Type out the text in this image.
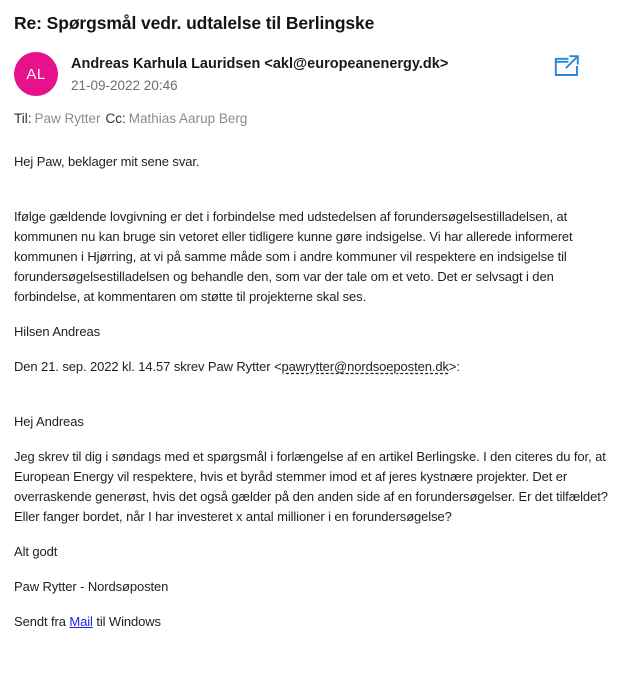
Re: Spørgsmål vedr. udtalelse til Berlingske
AL
Andreas Karhula Lauridsen <akl@europeanenergy.dk>
21-09-2022 20:46
Til: Paw Rytter Cc: Mathias Aarup Berg

Hej Paw, beklager mit sene svar.

Ifølge gældende lovgivning er det i forbindelse med udstedelsen af forundersøgelsestilladelsen, at kommunen nu kan bruge sin vetoret eller tidligere kunne gøre indsigelse. Vi har allerede informeret kommunen i Hjørring, at vi på samme måde som i andre kommuner vil respektere en indsigelse til forundersøgelsestilladelsen og behandle den, som var der tale om et veto. Det er selvsagt i den forbindelse, at kommentaren om støtte til projekterne skal ses.

Hilsen Andreas

Den 21. sep. 2022 kl. 14.57 skrev Paw Rytter <pawrytter@nordsoeposten.dk>:

Hej Andreas

Jeg skrev til dig i søndags med et spørgsmål i forlængelse af en artikel Berlingske. I den citeres du for, at European Energy vil respektere, hvis et byråd stemmer imod et af jeres kystnære projekter. Det er overraskende generøst, hvis det også gælder på den anden side af en forundersøgelser. Er det tilfældet? Eller fanger bordet, når I har investeret x antal millioner i en forundersøgelse?

Alt godt

Paw Rytter - Nordsøposten

Sendt fra Mail til Windows
